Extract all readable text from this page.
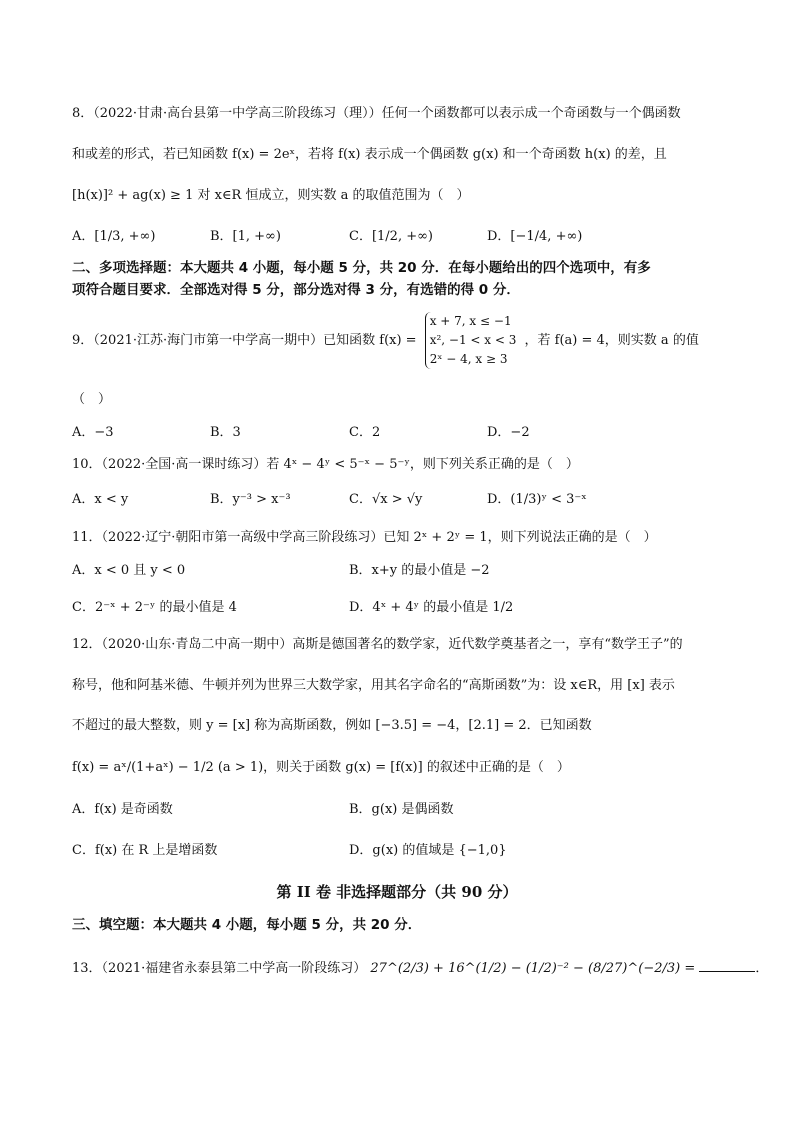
8．（2022·甘肃·高台县第一中学高三阶段练习（理））任何一个函数都可以表示成一个奇函数与一个偶函数
和或差的形式，若已知函数 f(x) = 2eˣ，若将 f(x) 表示成一个偶函数 g(x) 和一个奇函数 h(x) 的差，且
[h(x)]² + ag(x) ≥ 1 对 x∈R 恒成立，则实数 a 的取值范围为（　）
A．[1/3, +∞)	B．[1, +∞)	C．[1/2, +∞)	D．[−1/4, +∞)
二、多项选择题：本大题共 4 小题，每小题 5 分，共 20 分．在每小题给出的四个选项中，有多
项符合题目要求．全部选对得 5 分，部分选对得 3 分，有选错的得 0 分．
9．（2021·江苏·海门市第一中学高一期中）已知函数 f(x) =
x + 7, x ≤ −1
x², −1 < x < 3
2ˣ − 4, x ≥ 3
，若 f(a) = 4，则实数 a 的值
（　）
A．−3	B．3	C．2	D．−2
10．（2022·全国·高一课时练习）若 4ˣ − 4ʸ < 5⁻ˣ − 5⁻ʸ，则下列关系正确的是（　）
A．x < y	B．y⁻³ > x⁻³	C．√x > √y	D．(1/3)ʸ < 3⁻ˣ
11．（2022·辽宁·朝阳市第一高级中学高三阶段练习）已知 2ˣ + 2ʸ = 1，则下列说法正确的是（　）
A．x < 0 且 y < 0	B．x+y 的最小值是 −2
C．2⁻ˣ + 2⁻ʸ 的最小值是 4	D．4ˣ + 4ʸ 的最小值是 1/2
12．（2020·山东·青岛二中高一期中）高斯是德国著名的数学家，近代数学奠基者之一，享有“数学王子”的
称号，他和阿基米德、牛顿并列为世界三大数学家，用其名字命名的“高斯函数”为：设 x∈R，用 [x] 表示
不超过的最大整数，则 y = [x] 称为高斯函数，例如 [−3.5] = −4，[2.1] = 2．已知函数
f(x) = aˣ/(1+aˣ) − 1/2 (a > 1)，则关于函数 g(x) = [f(x)] 的叙述中正确的是（　）
A．f(x) 是奇函数	B．g(x) 是偶函数
C．f(x) 在 R 上是增函数	D．g(x) 的值域是 {−1,0}
第 II 卷 非选择题部分（共 90 分）
三、填空题：本大题共 4 小题，每小题 5 分，共 20 分．
13．（2021·福建省永泰县第二中学高一阶段练习） 27^(2/3) + 16^(1/2) − (1/2)⁻² − (8/27)^(−2/3) =	．
